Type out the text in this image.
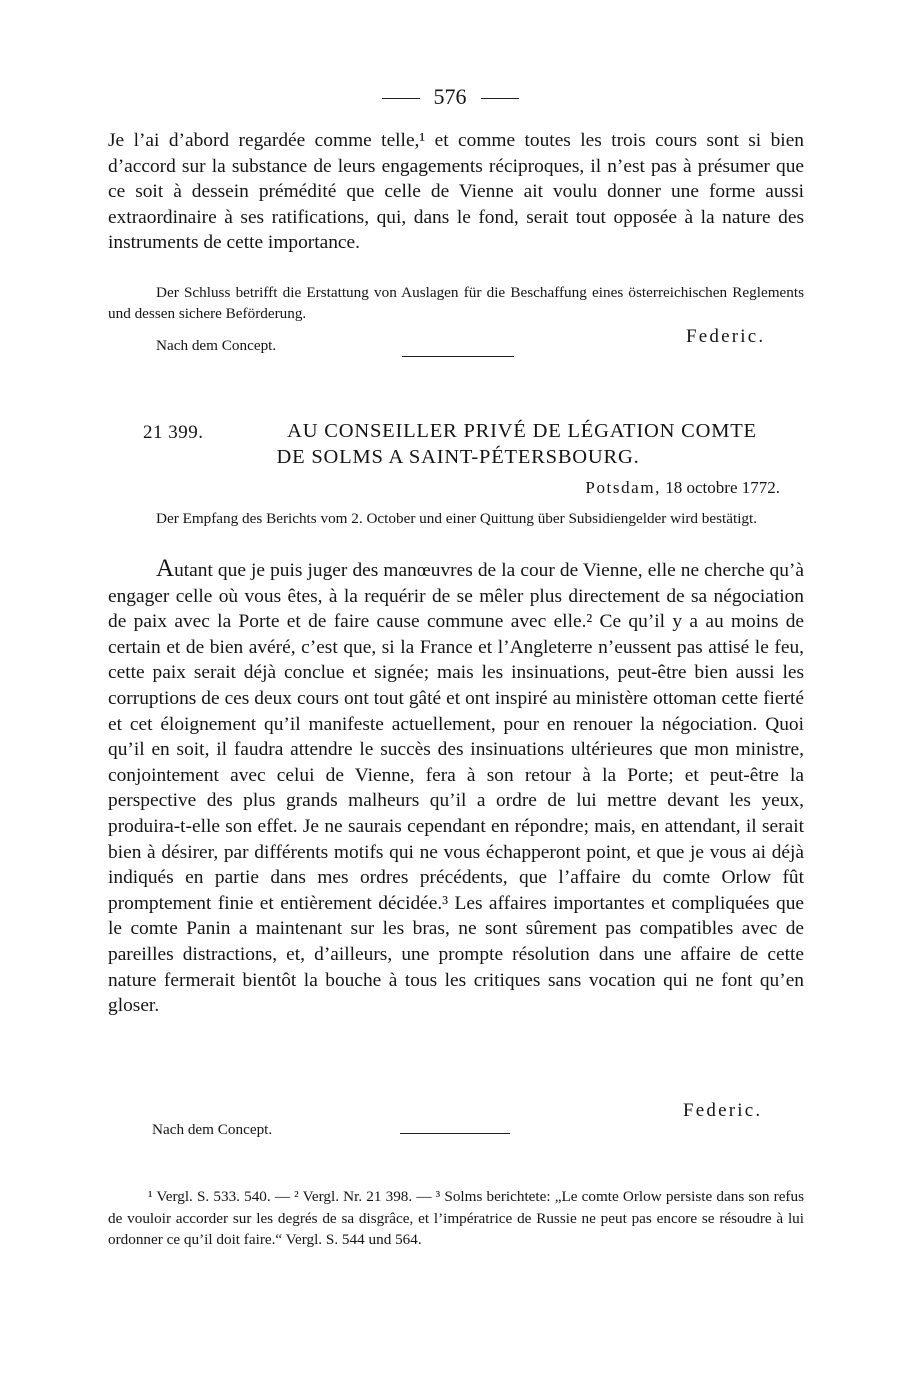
576

Je l’ai d’abord regardée comme telle,¹ et comme toutes les trois cours sont si bien d’accord sur la substance de leurs engagements réciproques, il n’est pas à présumer que ce soit à dessein prémédité que celle de Vienne ait voulu donner une forme aussi extraordinaire à ses ratifications, qui, dans le fond, serait tout opposée à la nature des instruments de cette importance.

Der Schluss betrifft die Erstattung von Auslagen für die Beschaffung eines österreichischen Reglements und dessen sichere Beförderung.

Nach dem Concept.	Federic.
21 399.	AU CONSEILLER PRIVÉ DE LÉGATION COMTE
DE SOLMS A SAINT-PÉTERSBOURG.
Potsdam, 18 octobre 1772.

Der Empfang des Berichts vom 2. October und einer Quittung über Subsidiengelder wird bestätigt.

Autant que je puis juger des manœuvres de la cour de Vienne, elle ne cherche qu’à engager celle où vous êtes, à la requérir de se mêler plus directement de sa négociation de paix avec la Porte et de faire cause commune avec elle.² Ce qu’il y a au moins de certain et de bien avéré, c’est que, si la France et l’Angleterre n’eussent pas attisé le feu, cette paix serait déjà conclue et signée; mais les insinuations, peut-être bien aussi les corruptions de ces deux cours ont tout gâté et ont inspiré au ministère ottoman cette fierté et cet éloignement qu’il manifeste actuellement, pour en renouer la négociation. Quoi qu’il en soit, il faudra attendre le succès des insinuations ultérieures que mon ministre, conjointement avec celui de Vienne, fera à son retour à la Porte; et peut-être la perspective des plus grands malheurs qu’il a ordre de lui mettre devant les yeux, produira-t-elle son effet. Je ne saurais cependant en répondre; mais, en attendant, il serait bien à désirer, par différents motifs qui ne vous échapperont point, et que je vous ai déjà indiqués en partie dans mes ordres précédents, que l’affaire du comte Orlow fût promptement finie et entièrement décidée.³ Les affaires importantes et compliquées que le comte Panin a maintenant sur les bras, ne sont sûrement pas compatibles avec de pareilles distractions, et, d’ailleurs, une prompte résolution dans une affaire de cette nature fermerait bientôt la bouche à tous les critiques sans vocation qui ne font qu’en gloser.

Federic.
Nach dem Concept.

¹ Vergl. S. 533. 540. — ² Vergl. Nr. 21 398. — ³ Solms berichtete: „Le comte Orlow persiste dans son refus de vouloir accorder sur les degrés de sa disgrâce, et l’impératrice de Russie ne peut pas encore se résoudre à lui ordonner ce qu’il doit faire.“ Vergl. S. 544 und 564.
